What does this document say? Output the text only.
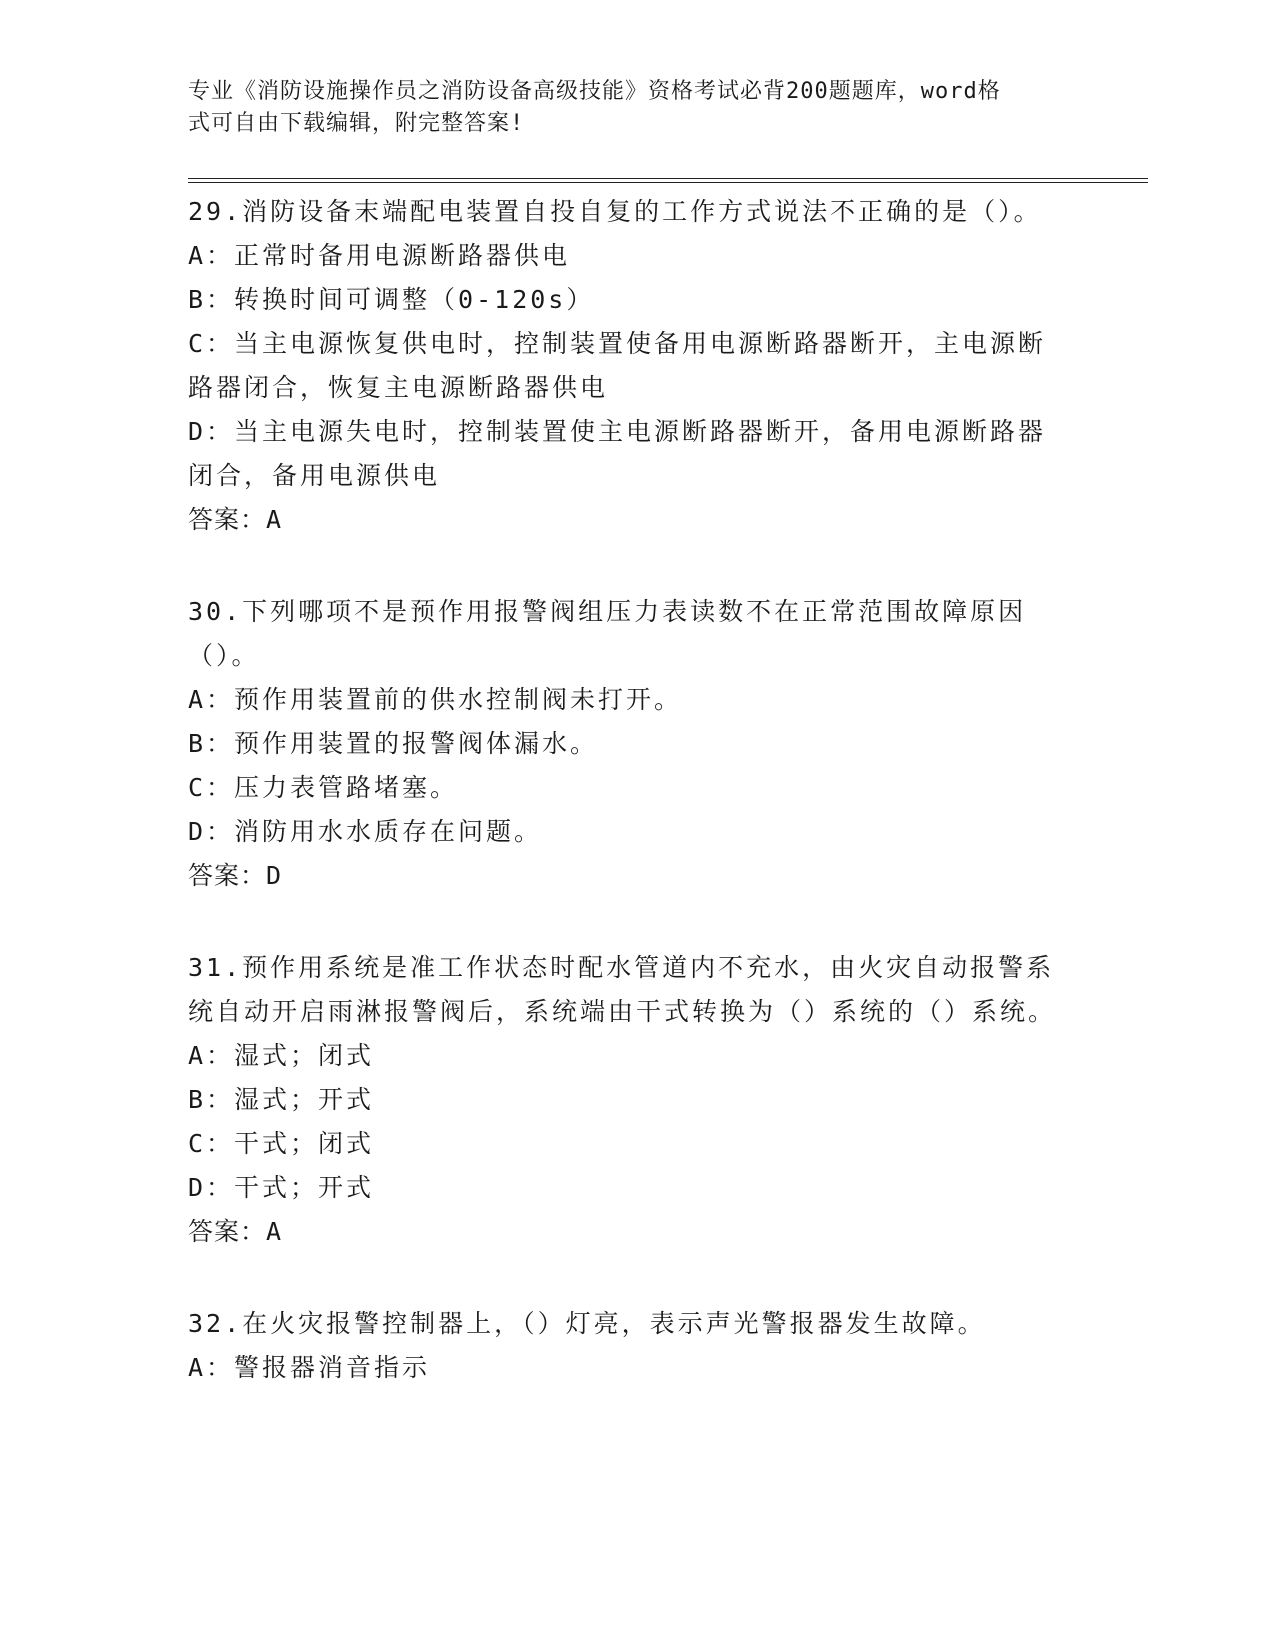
专业《消防设施操作员之消防设备高级技能》资格考试必背200题题库，word格
式可自由下载编辑，附完整答案!
29.消防设备末端配电装置自投自复的工作方式说法不正确的是（）。
A：正常时备用电源断路器供电
B：转换时间可调整（0-120s）
C：当主电源恢复供电时，控制装置使备用电源断路器断开，主电源断路器闭合，恢复主电源断路器供电
D：当主电源失电时，控制装置使主电源断路器断开，备用电源断路器闭合，备用电源供电
答案：A
30.下列哪项不是预作用报警阀组压力表读数不在正常范围故障原因（）。
A：预作用装置前的供水控制阀未打开。
B：预作用装置的报警阀体漏水。
C：压力表管路堵塞。
D：消防用水水质存在问题。
答案：D
31.预作用系统是准工作状态时配水管道内不充水，由火灾自动报警系统自动开启雨淋报警阀后，系统端由干式转换为（）系统的（）系统。
A：湿式；闭式
B：湿式；开式
C：干式；闭式
D：干式；开式
答案：A
32.在火灾报警控制器上，（）灯亮，表示声光警报器发生故障。
A：警报器消音指示
